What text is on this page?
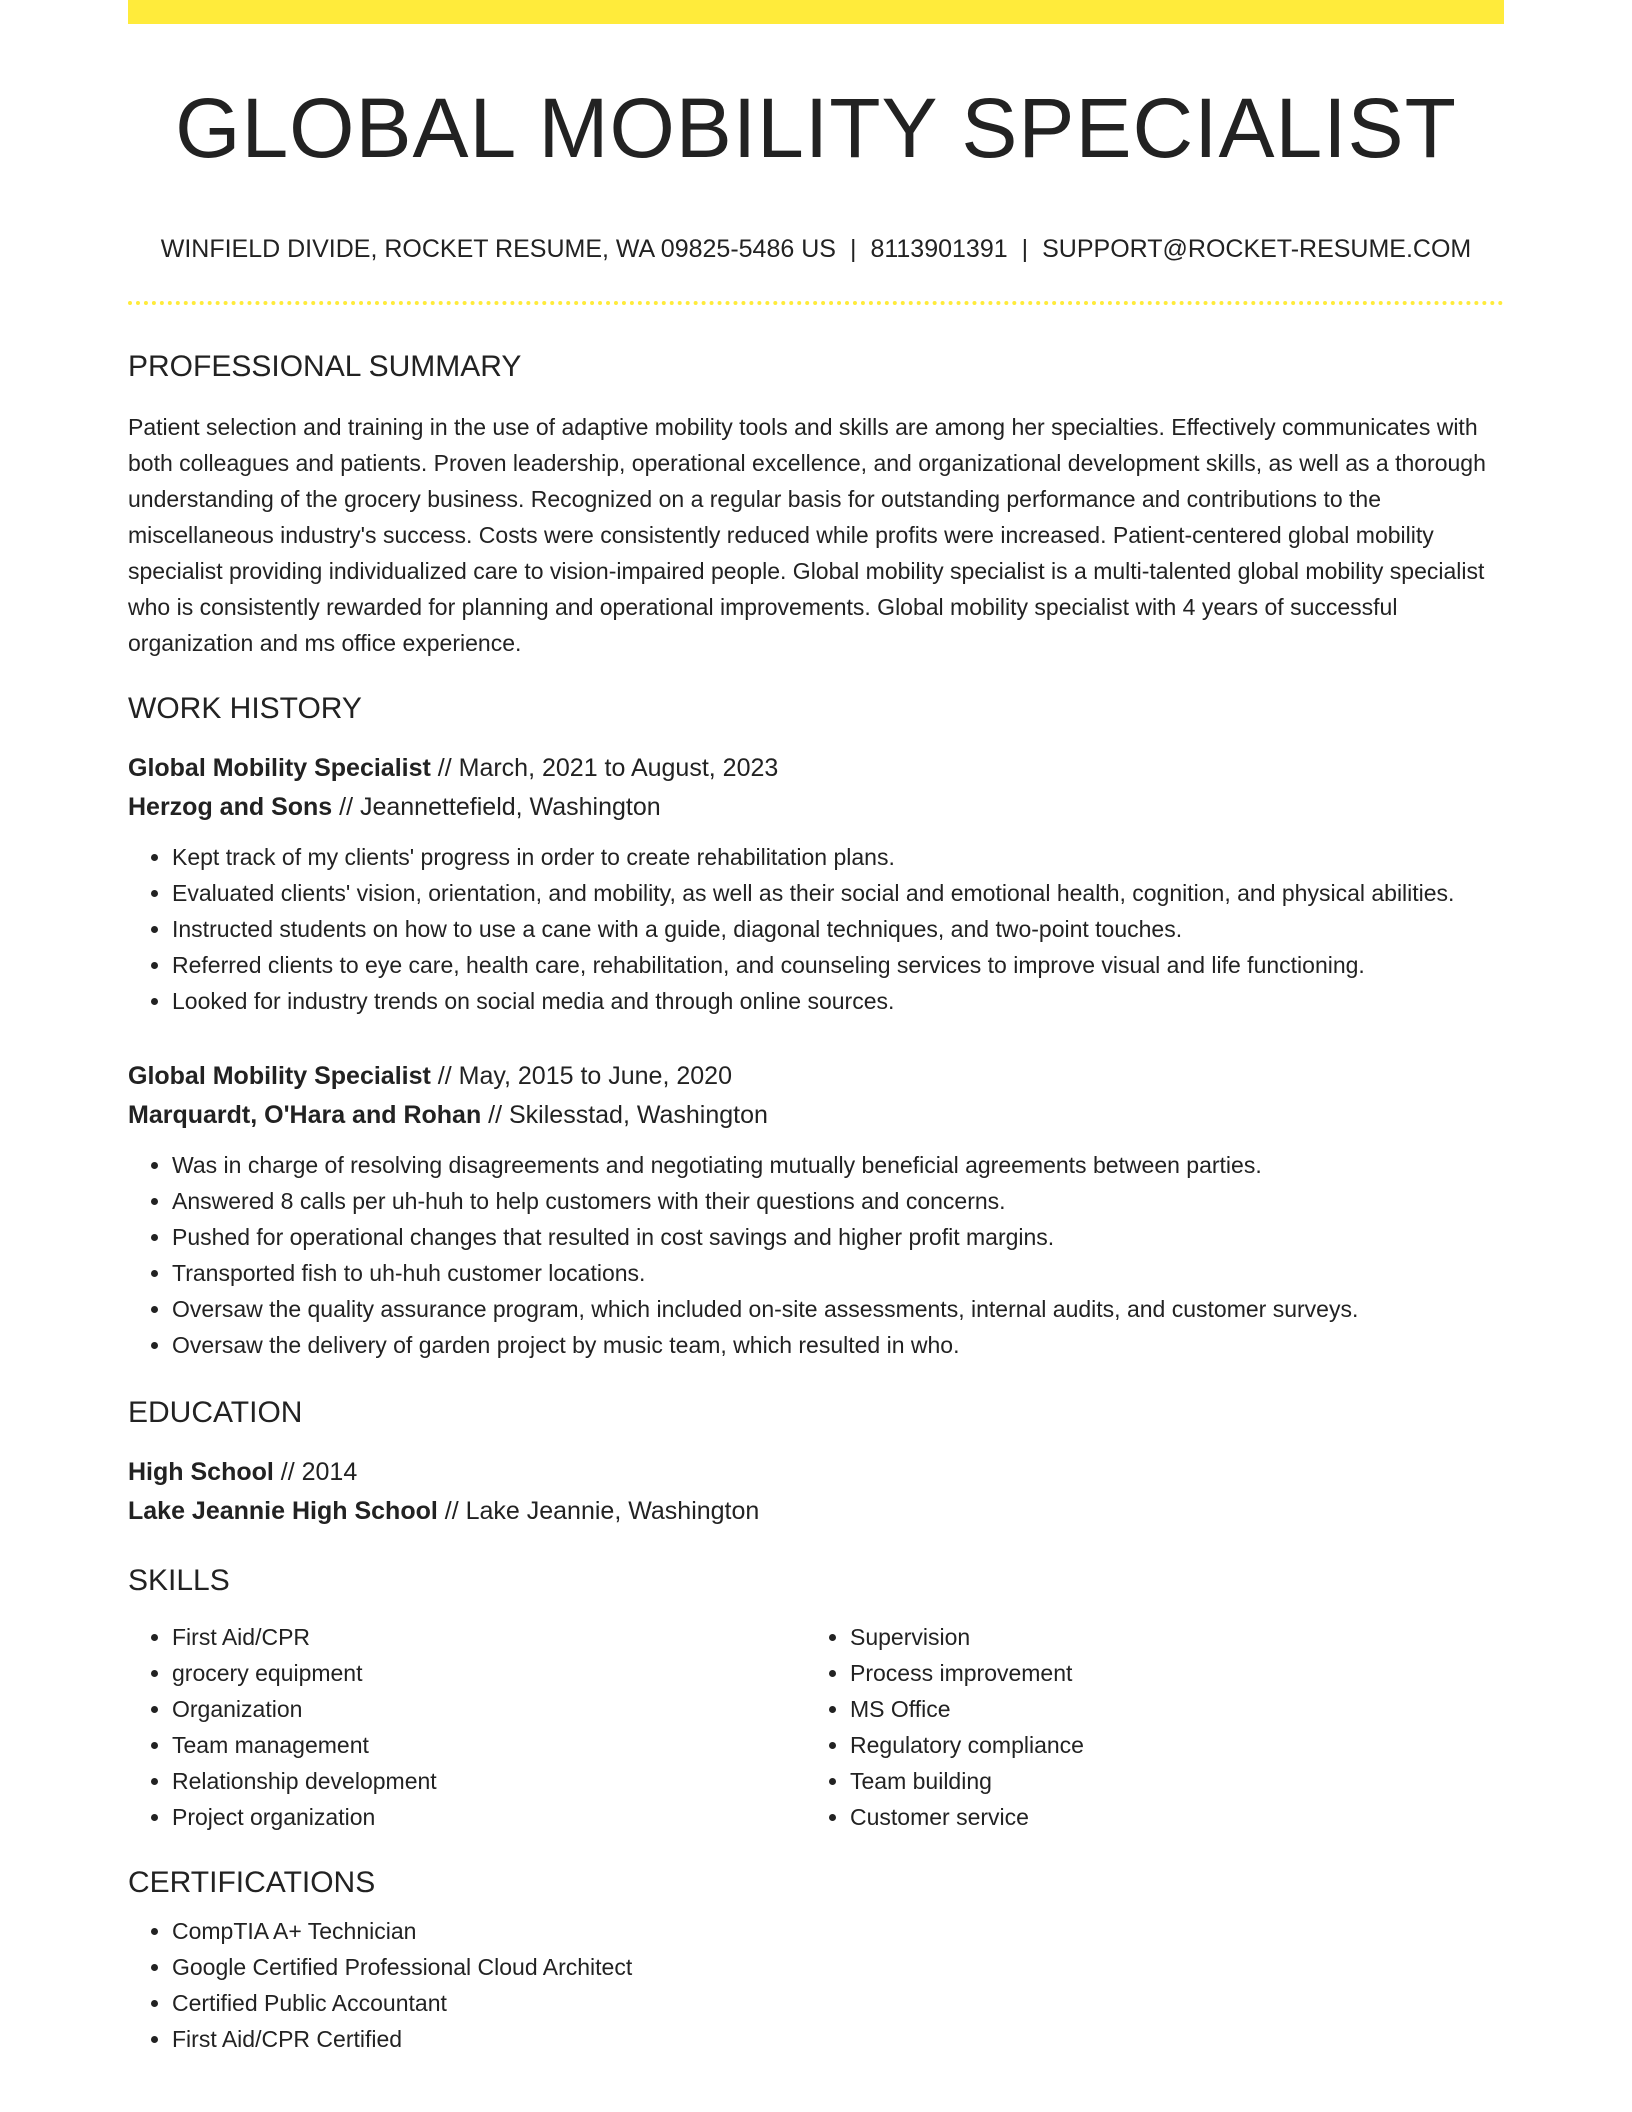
GLOBAL MOBILITY SPECIALIST
WINFIELD DIVIDE, ROCKET RESUME, WA 09825-5486 US | 8113901391 | SUPPORT@ROCKET-RESUME.COM
PROFESSIONAL SUMMARY

Patient selection and training in the use of adaptive mobility tools and skills are among her specialties. Effectively communicates with both colleagues and patients. Proven leadership, operational excellence, and organizational development skills, as well as a thorough understanding of the grocery business. Recognized on a regular basis for outstanding performance and contributions to the miscellaneous industry's success. Costs were consistently reduced while profits were increased. Patient-centered global mobility specialist providing individualized care to vision-impaired people. Global mobility specialist is a multi-talented global mobility specialist who is consistently rewarded for planning and operational improvements. Global mobility specialist with 4 years of successful organization and ms office experience.

WORK HISTORY
Global Mobility Specialist // March, 2021 to August, 2023
Herzog and Sons // Jeannettefield, Washington
• Kept track of my clients' progress in order to create rehabilitation plans.
• Evaluated clients' vision, orientation, and mobility, as well as their social and emotional health, cognition, and physical abilities.
• Instructed students on how to use a cane with a guide, diagonal techniques, and two-point touches.
• Referred clients to eye care, health care, rehabilitation, and counseling services to improve visual and life functioning.
• Looked for industry trends on social media and through online sources.
Global Mobility Specialist // May, 2015 to June, 2020
Marquardt, O'Hara and Rohan // Skilesstad, Washington
• Was in charge of resolving disagreements and negotiating mutually beneficial agreements between parties.
• Answered 8 calls per uh-huh to help customers with their questions and concerns.
• Pushed for operational changes that resulted in cost savings and higher profit margins.
• Transported fish to uh-huh customer locations.
• Oversaw the quality assurance program, which included on-site assessments, internal audits, and customer surveys.
• Oversaw the delivery of garden project by music team, which resulted in who.
EDUCATION
High School // 2014
Lake Jeannie High School // Lake Jeannie, Washington
SKILLS
• First Aid/CPR
• grocery equipment
• Organization
• Team management
• Relationship development
• Project organization
• Supervision
• Process improvement
• MS Office
• Regulatory compliance
• Team building
• Customer service
CERTIFICATIONS
• CompTIA A+ Technician
• Google Certified Professional Cloud Architect
• Certified Public Accountant
• First Aid/CPR Certified
